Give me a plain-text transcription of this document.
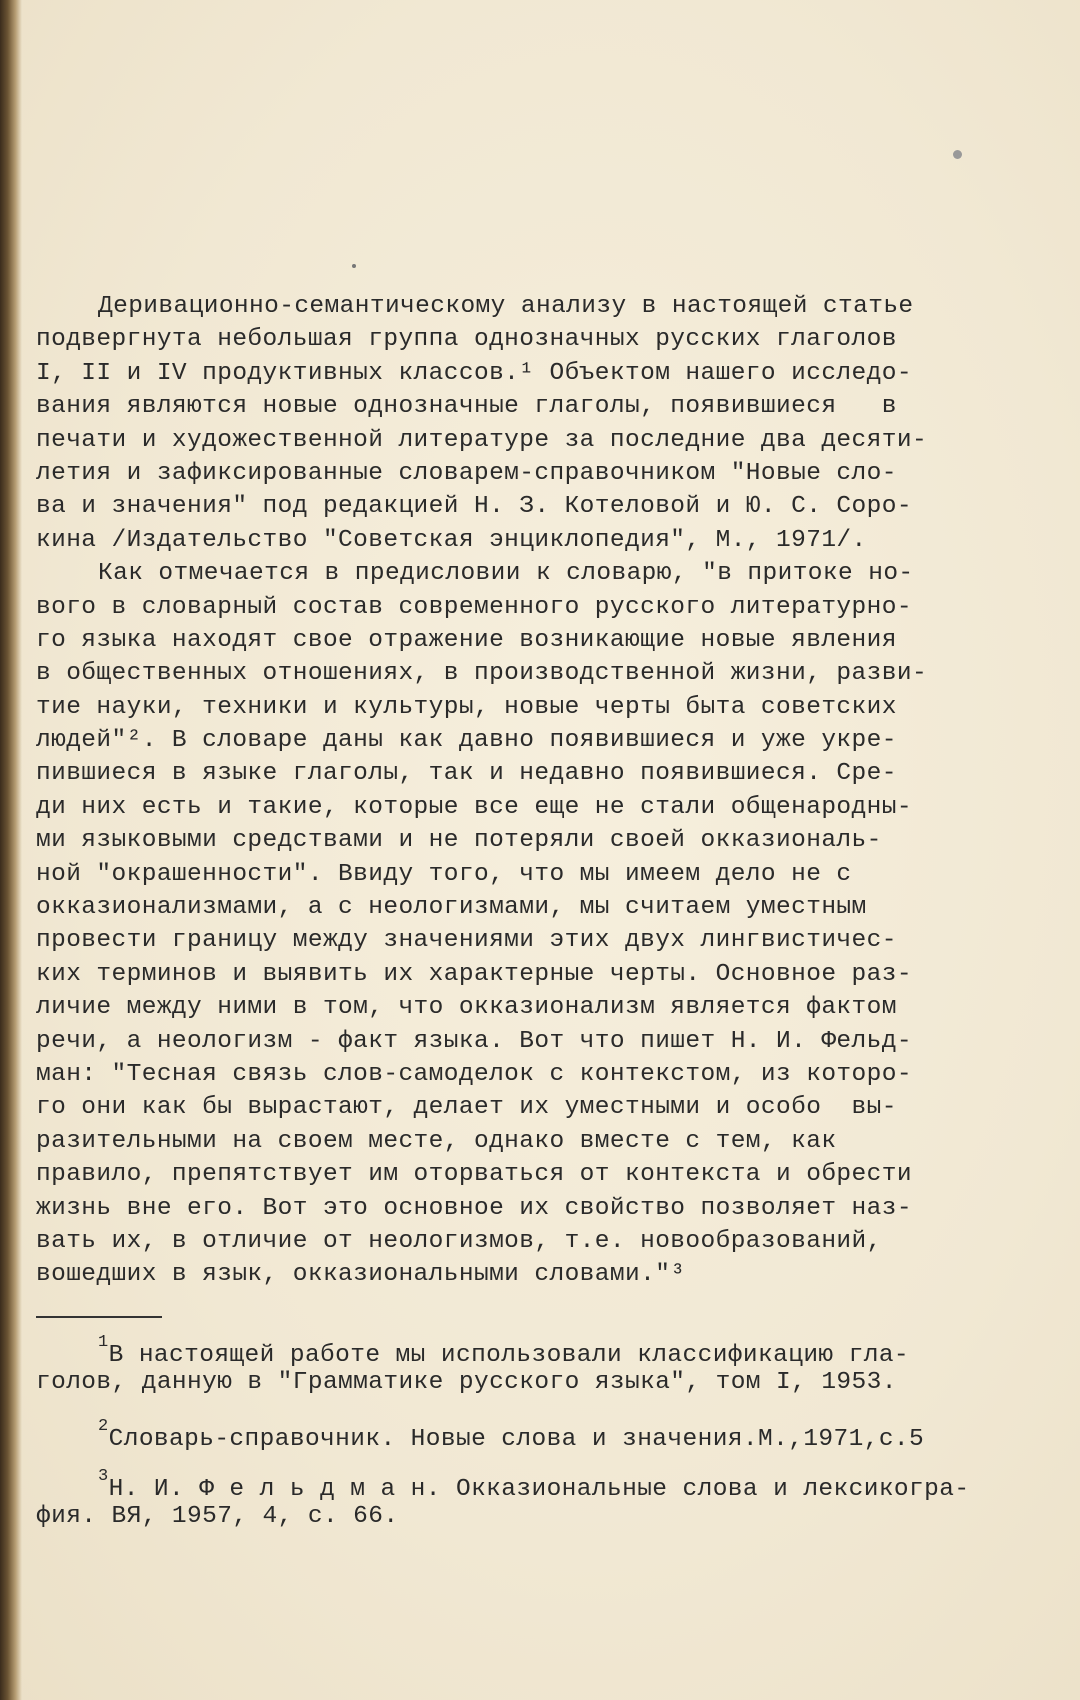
Деривационно-семантическому анализу в настоящей статье
подвергнута небольшая группа однозначных русских глаголов
I, II и IV продуктивных классов.¹ Объектом нашего исследо-
вания являются новые однозначные глаголы, появившиеся   в
печати и художественной литературе за последние два десяти-
летия и зафиксированные словарем-справочником "Новые сло-
ва и значения" под редакцией Н. З. Котеловой и Ю. С. Соро-
кина /Издательство "Советская энциклопедия", М., 1971/.
Как отмечается в предисловии к словарю, "в притоке но-
вого в словарный состав современного русского литературно-
го языка находят свое отражение возникающие новые явления
в общественных отношениях, в производственной жизни, разви-
тие науки, техники и культуры, новые черты быта советских
людей"². В словаре даны как давно появившиеся и уже укре-
пившиеся в языке глаголы, так и недавно появившиеся. Сре-
ди них есть и такие, которые все еще не стали общенародны-
ми языковыми средствами и не потеряли своей окказиональ-
ной "окрашенности". Ввиду того, что мы имеем дело не с
окказионализмами, а с неологизмами, мы считаем уместным
провести границу между значениями этих двух лингвистичес-
ких терминов и выявить их характерные черты. Основное раз-
личие между ними в том, что окказионализм является фактом
речи, а неологизм - факт языка. Вот что пишет Н. И. Фельд-
ман: "Тесная связь слов-самоделок с контекстом, из которо-
го они как бы вырастают, делает их уместными и особо  вы-
разительными на своем месте, однако вместе с тем, как
правило, препятствует им оторваться от контекста и обрести
жизнь вне его. Вот это основное их свойство позволяет наз-
вать их, в отличие от неологизмов, т.е. новообразований,
вошедших в язык, окказиональными словами."³
$^1$В настоящей работе мы использовали классификацию гла-
голов, данную в "Грамматике русского языка", том I, 1953.
$^2$Словарь-справочник. Новые слова и значения.М.,1971,с.5
$^3$Н. И. Ф е л ь д м а н. Окказиональные слова и лексикогра-
фия. ВЯ, 1957, 4, с. 66.
